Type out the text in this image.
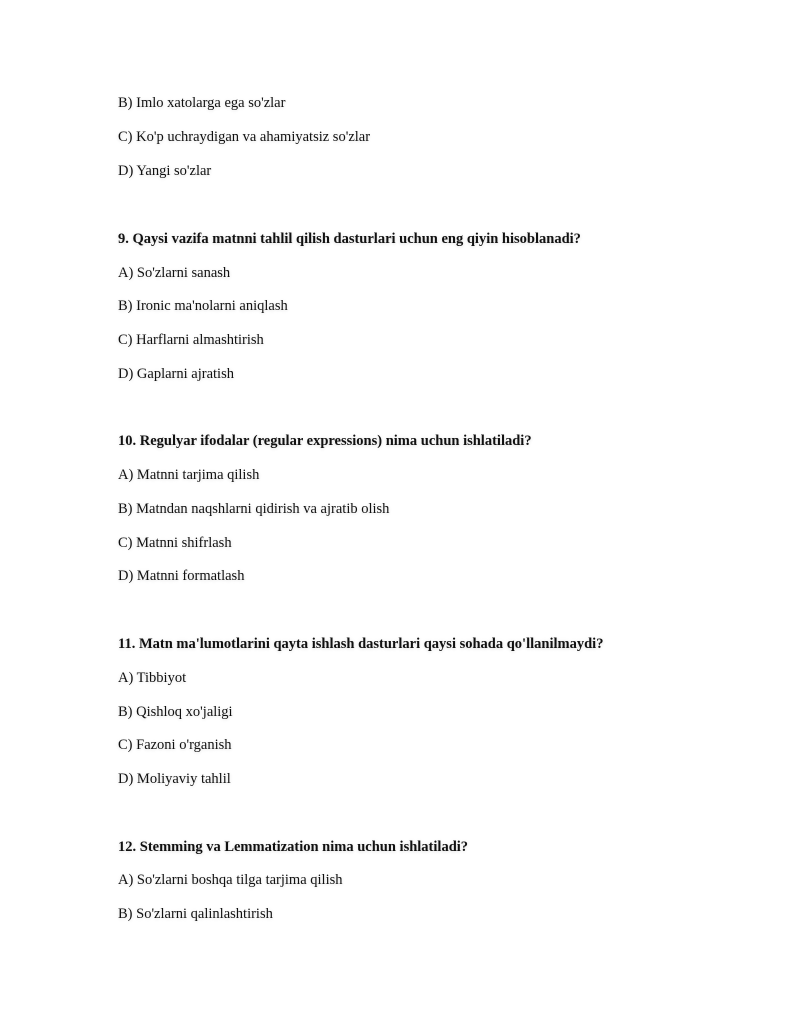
B) Imlo xatolarga ega so'zlar
C) Ko'p uchraydigan va ahamiyatsiz so'zlar
D) Yangi so'zlar
9. Qaysi vazifa matnni tahlil qilish dasturlari uchun eng qiyin hisoblanadi?
A) So'zlarni sanash
B) Ironic ma'nolarni aniqlash
C) Harflarni almashtirish
D) Gaplarni ajratish
10. Regulyar ifodalar (regular expressions) nima uchun ishlatiladi?
A) Matnni tarjima qilish
B) Matndan naqshlarni qidirish va ajratib olish
C) Matnni shifrlash
D) Matnni formatlash
11. Matn ma'lumotlarini qayta ishlash dasturlari qaysi sohada qo'llanilmaydi?
A) Tibbiyot
B) Qishloq xo'jaligi
C) Fazoni o'rganish
D) Moliyaviy tahlil
12. Stemming va Lemmatization nima uchun ishlatiladi?
A) So'zlarni boshqa tilga tarjima qilish
B) So'zlarni qalinlashtirish
